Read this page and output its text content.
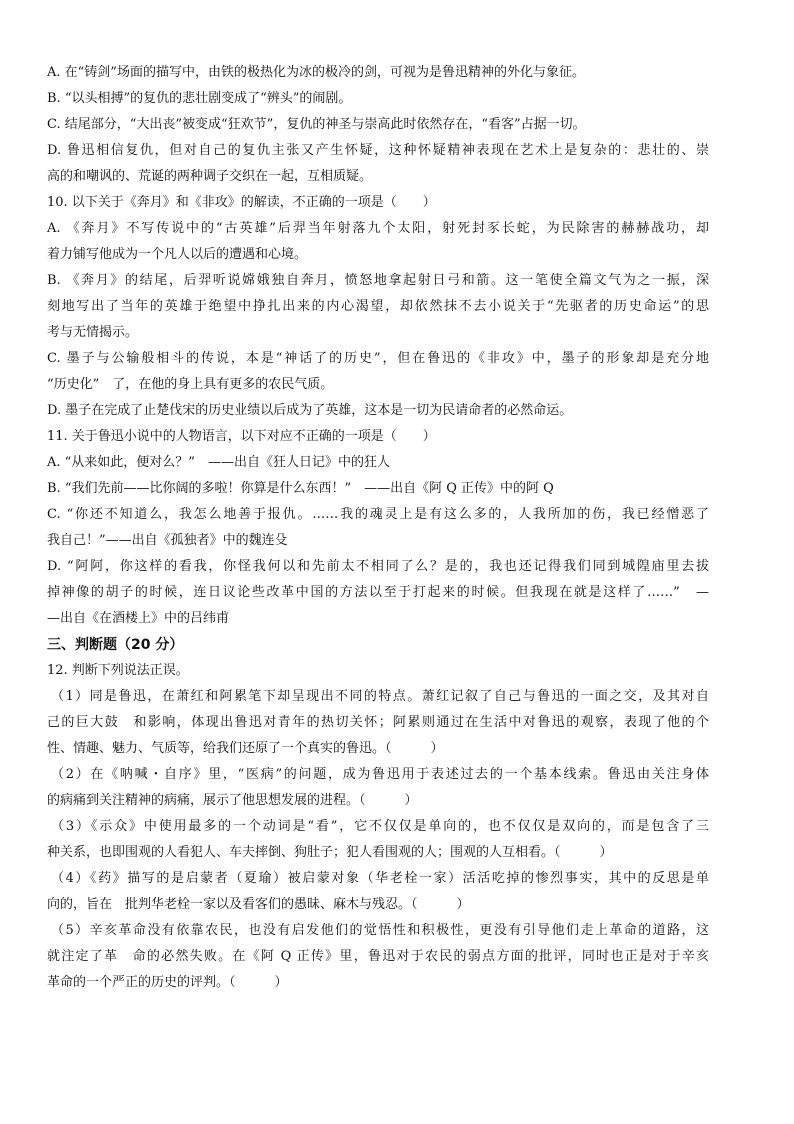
A. 在“铸剑”场面的描写中，由铁的极热化为冰的极冷的剑，可视为是鲁迅精神的外化与象征。
B. “以头相搏”的复仇的悲壮剧变成了“辨头”的闹剧。
C. 结尾部分，“大出丧”被变成“狂欢节”，复仇的神圣与崇高此时依然存在，“看客”占据一切。
D. 鲁迅相信复仇，但对自己的复仇主张又产生怀疑，这种怀疑精神表现在艺术上是复杂的：悲壮的、崇
高的和嘲讽的、荒诞的两种调子交织在一起，互相质疑。
10. 以下关于《奔月》和《非攻》的解读，不正确的一项是（　　）
A. 《奔月》不写传说中的“古英雄”后羿当年射落九个太阳，射死封豕长蛇，为民除害的赫赫战功，却
着力铺写他成为一个凡人以后的遭遇和心境。
B. 《奔月》的结尾，后羿听说嫦娥独自奔月，愤怒地拿起射日弓和箭。这一笔使全篇文气为之一振，深
刻地写出了当年的英雄于绝望中挣扎出来的内心渴望，却依然抹不去小说关于“先驱者的历史命运”的思
考与无情揭示。
C. 墨子与公输般相斗的传说，本是“神话了的历史”，但在鲁迅的《非攻》中，墨子的形象却是充分地
“历史化”　了，在他的身上具有更多的农民气质。
D. 墨子在完成了止楚伐宋的历史业绩以后成为了英雄，这本是一切为民请命者的必然命运。
11. 关于鲁迅小说中的人物语言，以下对应不正确的一项是（　　）
A. “从来如此，便对么？”　——出自《狂人日记》中的狂人
B. “我们先前——比你阔的多啦！你算是什么东西！”　——出自《阿 Q 正传》中的阿 Q
C. “你还不知道么，我怎么地善于报仇。……我的魂灵上是有这么多的，人我所加的伤，我已经憎恶了
我自己！”——出自《孤独者》中的魏连殳
D. “阿阿，你这样的看我，你怪我何以和先前太不相同了么？是的，我也还记得我们同到城隍庙里去拔
掉神像的胡子的时候，连日议论些改革中国的方法以至于打起来的时候。但我现在就是这样了……”　—
—出自《在酒楼上》中的吕纬甫
三、判断题（20 分）
12. 判断下列说法正误。
（1）同是鲁迅，在萧红和阿累笔下却呈现出不同的特点。萧红记叙了自己与鲁迅的一面之交，及其对自
己的巨大鼓　和影响，体现出鲁迅对青年的热切关怀；阿累则通过在生活中对鲁迅的观察，表现了他的个
性、情趣、魅力、气质等，给我们还原了一个真实的鲁迅。（　　　）
（2）在《呐喊・自序》里，“医病”的问题，成为鲁迅用于表述过去的一个基本线索。鲁迅由关注身体
的病痛到关注精神的病痛，展示了他思想发展的进程。（　　　）
（3）《示众》中使用最多的一个动词是“看”，它不仅仅是单向的，也不仅仅是双向的，而是包含了三
种关系，也即围观的人看犯人、车夫摔倒、狗肚子；犯人看围观的人；围观的人互相看。（　　　）
（4）《药》描写的是启蒙者（夏瑜）被启蒙对象（华老栓一家）活活吃掉的惨烈事实，其中的反思是单
向的，旨在　批判华老栓一家以及看客们的愚昧、麻木与残忍。（　　　）
（5）辛亥革命没有依靠农民，也没有启发他们的觉悟性和积极性，更没有引导他们走上革命的道路，这
就注定了革　命的必然失败。在《阿 Q 正传》里，鲁迅对于农民的弱点方面的批评，同时也正是对于辛亥
革命的一个严正的历史的评判。（　　　）
